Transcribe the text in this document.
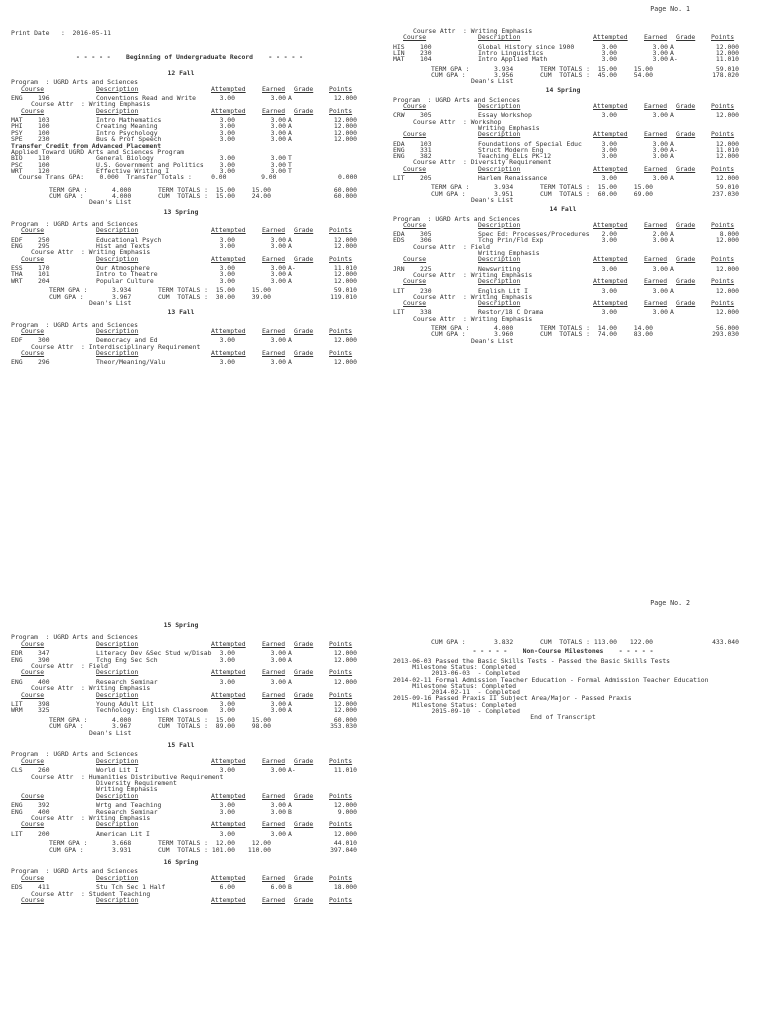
Page No. 1
Print Date   :  2016-05-11
- - - - -    Beginning of Undergraduate Record    - - - - -
12 Fall
Program  : UGRD Arts and Sciences
Course	Description	Attempted	Earned Grade Points
ENG 196	Conventions Read and Write	3.00	3.00 A	12.000
Course Attr  : Writing Emphasis
Course	Description	Attempted	Earned Grade Points
MAT 103	Intro Mathematics	3.00	3.00 A	12.000
PHI 100	Creating Meaning	3.00	3.00 A	12.000
PSY 100	Intro Psychology	3.00	3.00 A	12.000
SPE 230	Bus & Prof Speech	3.00	3.00 A	12.000
Transfer Credit from Advanced Placement
Applied Toward UGRD Arts and Sciences Program
BIO 110	General Biology	3.00	3.00 T
PSC 100	U.S. Government and Politics 3.00	3.00 T
WRT 120	Effective Writing I	3.00	3.00 T
Course Trans GPA:    0.000  Transfer Totals :     0.00         9.00                0.000
TERM GPA :	4.000	TERM TOTALS : 15.00	15.00	60.000
CUM GPA :	4.000	CUM  TOTALS : 15.00	24.00	60.000
Dean's List
13 Spring
Program  : UGRD Arts and Sciences
Course	Description	Attempted	Earned Grade Points
EDF 250	Educational Psych	3.00	3.00 A	12.000
ENG 295	Hist and Texts	3.00	3.00 A	12.000
Course Attr  : Writing Emphasis
Course	Description	Attempted	Earned Grade Points
ESS 170	Our Atmosphere	3.00	3.00 A-	11.010
THA 101	Intro to Theatre	3.00	3.00 A	12.000
WRT 204	Popular Culture	3.00	3.00 A	12.000
TERM GPA :	3.934	TERM TOTALS : 15.00	15.00	59.010
CUM GPA :	3.967	CUM  TOTALS : 30.00	39.00	119.010
Dean's List
13 Fall
Program  : UGRD Arts and Sciences
Course	Description	Attempted	Earned Grade Points
EDF 300	Democracy and Ed	3.00	3.00 A	12.000
Course Attr  : Interdisciplinary Requirement
Course	Description	Attempted	Earned Grade Points
ENG 296	Theor/Meaning/Valu	3.00	3.00 A	12.000
Course Attr  : Writing Emphasis
Course	Description	Attempted	Earned Grade Points
HIS 100	Global History since 1900	3.00	3.00 A	12.000
LIN 230	Intro Linguistics	3.00	3.00 A	12.000
MAT 104	Intro Applied Math	3.00	3.00 A-	11.010
TERM GPA :	3.934	TERM TOTALS : 15.00	15.00	59.010
CUM GPA :	3.956	CUM  TOTALS : 45.00	54.00	178.020
Dean's List
14 Spring
Program  : UGRD Arts and Sciences
Course	Description	Attempted	Earned Grade Points
CRW 305	Essay Workshop	3.00	3.00 A	12.000
Course Attr  : Workshop
Writing Emphasis
Course	Description	Attempted	Earned Grade Points
EDA 103	Foundations of Special Educ	3.00	3.00 A	12.000
ENG 331	Struct Modern Eng	3.00	3.00 A-	11.010
ENG 382	Teaching ELLs PK-12	3.00	3.00 A	12.000
Course Attr  : Diversity Requirement
Course	Description	Attempted	Earned Grade Points
LIT 205	Harlem Renaissance	3.00	3.00 A	12.000
TERM GPA :	3.934	TERM TOTALS : 15.00	15.00	59.010
CUM GPA :	3.951	CUM  TOTALS : 60.00	69.00	237.030
Dean's List
14 Fall
Program  : UGRD Arts and Sciences
Course	Description	Attempted	Earned Grade Points
EDA 305	Spec Ed: Processes/Procedures 2.00	2.00 A	8.000
EDS 306	Tchg Prin/Fld Exp	3.00	3.00 A	12.000
Course Attr  : Field
Writing Emphasis
Course	Description	Attempted	Earned Grade Points
JRN 225	Newswriting	3.00	3.00 A	12.000
Course Attr  : Writing Emphasis
Course	Description	Attempted	Earned Grade Points
LIT 230	English Lit I	3.00	3.00 A	12.000
Course Attr  : Writing Emphasis
Course	Description	Attempted	Earned Grade Points
LIT 338	Restor/18 C Drama	3.00	3.00 A	12.000
Course Attr  : Writing Emphasis
TERM GPA :	4.000	TERM TOTALS : 14.00	14.00	56.000
CUM GPA :	3.960	CUM  TOTALS : 74.00	83.00	293.030
Dean's List
Page No. 2
15 Spring
Program  : UGRD Arts and Sciences
Course	Description	Attempted	Earned Grade Points
EDR 347	Literacy Dev &Sec Stud w/Disab 3.00	3.00 A	12.000
ENG 390	Tchg Eng Sec Sch	3.00	3.00 A	12.000
Course Attr  : Field
Course	Description	Attempted	Earned Grade Points
ENG 400	Research Seminar	3.00	3.00 A	12.000
Course Attr  : Writing Emphasis
Course	Description	Attempted	Earned Grade Points
LIT 398	Young Adult Lit	3.00	3.00 A	12.000
WRM 325	Technology: English Classroom 3.00	3.00 A	12.000
TERM GPA :	4.000	TERM TOTALS : 15.00	15.00	60.000
CUM GPA :	3.967	CUM  TOTALS : 89.00	98.00	353.030
Dean's List
15 Fall
Program  : UGRD Arts and Sciences
Course	Description	Attempted	Earned Grade Points
CLS 260	World Lit I	3.00	3.00 A-	11.010
Course Attr  : Humanities Distributive Requirement
Diversity Requirement
Writing Emphasis
Course	Description	Attempted	Earned Grade Points
ENG 392	Wrtg and Teaching	3.00	3.00 A	12.000
ENG 400	Research Seminar	3.00	3.00 B	9.000
Course Attr  : Writing Emphasis
Course	Description	Attempted	Earned Grade Points
LIT 200	American Lit I	3.00	3.00 A	12.000
TERM GPA :	3.668	TERM TOTALS : 12.00	12.00	44.010
CUM GPA :	3.931	CUM  TOTALS : 101.00 110.00	397.040
16 Spring
Program  : UGRD Arts and Sciences
Course	Description	Attempted	Earned Grade Points
EDS 411	Stu Tch Sec 1 Half	6.00	6.00 B	18.000
Course Attr  : Student Teaching
Course	Description	Attempted	Earned Grade Points
CUM GPA :	3.832	CUM  TOTALS : 113.00 122.00	433.040
- - - - -    Non-Course Milestones    - - - - -
2013-06-03 Passed the Basic Skills Tests - Passed the Basic Skills Tests
Milestone Status: Completed
2013-06-03  - Completed
2014-02-11 Formal Admission Teacher Education - Formal Admission Teacher Education
Milestone Status: Completed
2014-02-11  - Completed
2015-09-16 Passed Praxis II Subject Area/Major - Passed Praxis
Milestone Status: Completed
2015-09-10  - Completed
End of Transcript
